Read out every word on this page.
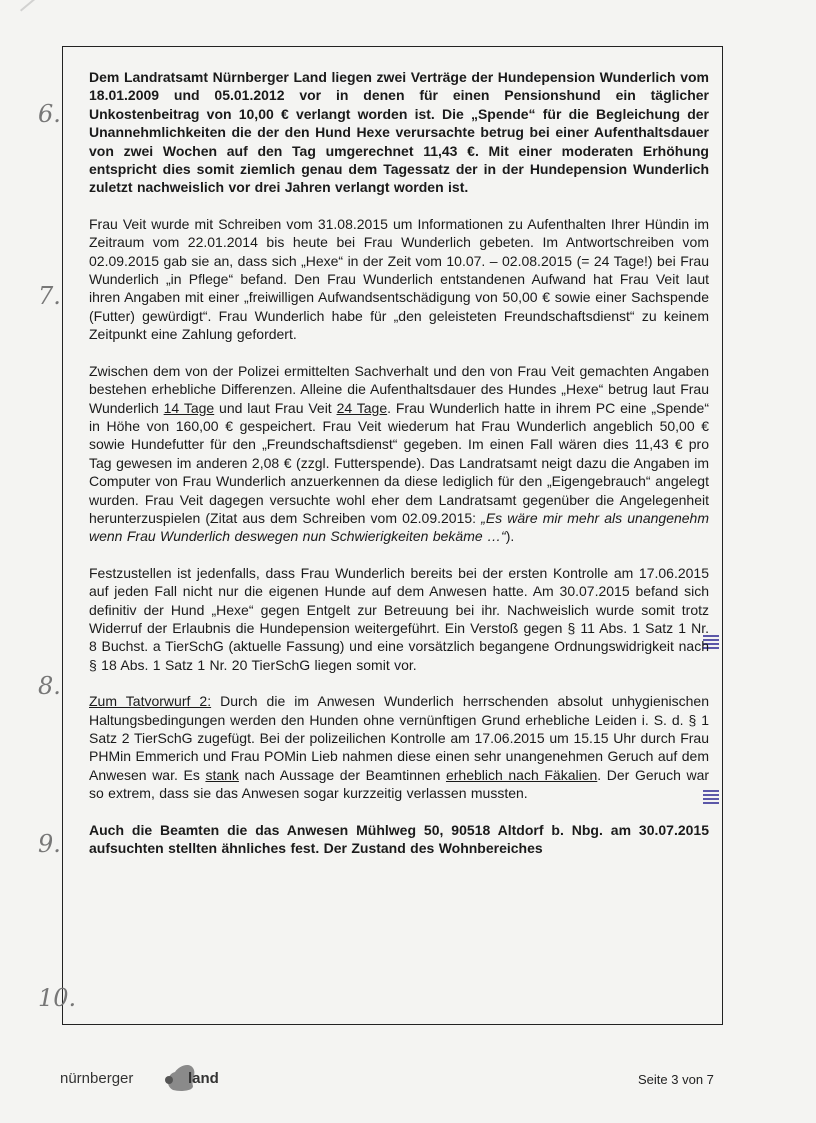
6.
7.
8.
9.
10.

Dem Landratsamt Nürnberger Land liegen zwei Verträge der Hundepension Wunderlich vom 18.01.2009 und 05.01.2012 vor in denen für einen Pensionshund ein täglicher Unkostenbeitrag von 10,00 € verlangt worden ist. Die „Spende“ für die Begleichung der Unannehmlichkeiten die der den Hund Hexe verursachte betrug bei einer Aufenthaltsdauer von zwei Wochen auf den Tag umgerechnet 11,43 €. Mit einer moderaten Erhöhung entspricht dies somit ziemlich genau dem Tagessatz der in der Hundepension Wunderlich zuletzt nachweislich vor drei Jahren verlangt worden ist.

Frau Veit wurde mit Schreiben vom 31.08.2015 um Informationen zu Aufenthalten Ihrer Hündin im Zeitraum vom 22.01.2014 bis heute bei Frau Wunderlich gebeten. Im Antwortschreiben vom 02.09.2015 gab sie an, dass sich „Hexe“ in der Zeit vom 10.07. – 02.08.2015 (= 24 Tage!) bei Frau Wunderlich „in Pflege“ befand. Den Frau Wunderlich entstandenen Aufwand hat Frau Veit laut ihren Angaben mit einer „freiwilligen Aufwandsentschädigung von 50,00 € sowie einer Sachspende (Futter) gewürdigt“. Frau Wunderlich habe für „den geleisteten Freundschaftsdienst“ zu keinem Zeitpunkt eine Zahlung gefordert.

Zwischen dem von der Polizei ermittelten Sachverhalt und den von Frau Veit gemachten Angaben bestehen erhebliche Differenzen. Alleine die Aufenthaltsdauer des Hundes „Hexe“ betrug laut Frau Wunderlich 14 Tage und laut Frau Veit 24 Tage. Frau Wunderlich hatte in ihrem PC eine „Spende“ in Höhe von 160,00 € gespeichert. Frau Veit wiederum hat Frau Wunderlich angeblich 50,00 € sowie Hundefutter für den „Freundschaftsdienst“ gegeben. Im einen Fall wären dies 11,43 € pro Tag gewesen im anderen 2,08 € (zzgl. Futterspende). Das Landratsamt neigt dazu die Angaben im Computer von Frau Wunderlich anzuerkennen da diese lediglich für den „Eigengebrauch“ angelegt wurden. Frau Veit dagegen versuchte wohl eher dem Landratsamt gegenüber die Angelegenheit herunterzuspielen (Zitat aus dem Schreiben vom 02.09.2015: „Es wäre mir mehr als unangenehm wenn Frau Wunderlich deswegen nun Schwierigkeiten bekäme …“).

Festzustellen ist jedenfalls, dass Frau Wunderlich bereits bei der ersten Kontrolle am 17.06.2015 auf jeden Fall nicht nur die eigenen Hunde auf dem Anwesen hatte. Am 30.07.2015 befand sich definitiv der Hund „Hexe“ gegen Entgelt zur Betreuung bei ihr. Nachweislich wurde somit trotz Widerruf der Erlaubnis die Hundepension weitergeführt. Ein Verstoß gegen § 11 Abs. 1 Satz 1 Nr. 8 Buchst. a TierSchG (aktuelle Fassung) und eine vorsätzlich begangene Ordnungswidrigkeit nach § 18 Abs. 1 Satz 1 Nr. 20 TierSchG liegen somit vor.

Zum Tatvorwurf 2: Durch die im Anwesen Wunderlich herrschenden absolut unhygienischen Haltungsbedingungen werden den Hunden ohne vernünftigen Grund erhebliche Leiden i. S. d. § 1 Satz 2 TierSchG zugefügt. Bei der polizeilichen Kontrolle am 17.06.2015 um 15.15 Uhr durch Frau PHMin Emmerich und Frau POMin Lieb nahmen diese einen sehr unangenehmen Geruch auf dem Anwesen war. Es stank nach Aussage der Beamtinnen erheblich nach Fäkalien. Der Geruch war so extrem, dass sie das Anwesen sogar kurzzeitig verlassen mussten.

Auch die Beamten die das Anwesen Mühlweg 50, 90518 Altdorf b. Nbg. am 30.07.2015 aufsuchten stellten ähnliches fest. Der Zustand des Wohnbereiches

nürnberger	land	Seite 3 von 7
